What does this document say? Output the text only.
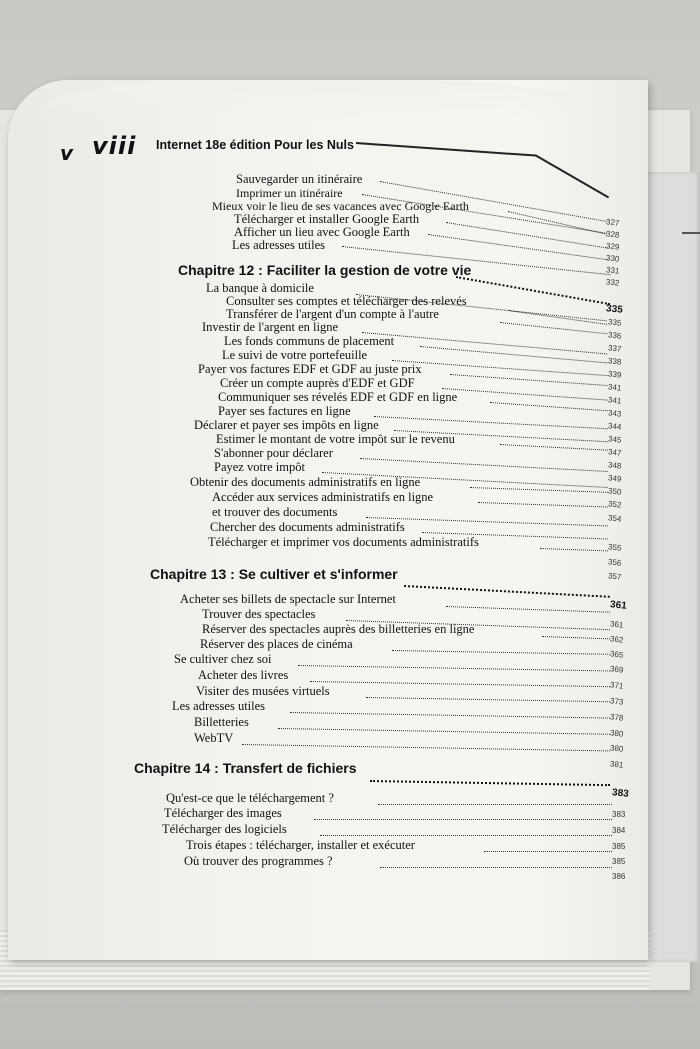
v viii Internet 18e édition Pour les Nuls
Sauvegarder un itinéraire
Imprimer un itinéraire
Mieux voir le lieu de ses vacances avec Google Earth
Télécharger et installer Google Earth
Afficher un lieu avec Google Earth
Les adresses utiles
327
328
329
330
331
332
Chapitre 12 : Faciliter la gestion de votre vie
335
La banque à domicile
Consulter ses comptes et télécharger des relevés
Transférer de l'argent d'un compte à l'autre
Investir de l'argent en ligne
Les fonds communs de placement
Le suivi de votre portefeuille
Payer vos factures EDF et GDF au juste prix
Créer un compte auprès d'EDF et GDF
Communiquer ses révelés EDF et GDF en ligne
Payer ses factures en ligne
Déclarer et payer ses impôts en ligne
Estimer le montant de votre impôt sur le revenu
S'abonner pour déclarer
Payez votre impôt
Obtenir des documents administratifs en ligne
Accéder aux services administratifs en ligne
et trouver des documents
Chercher des documents administratifs
Télécharger et imprimer vos documents administratifs
335
336
337
338
339
341
341
343
344
345
347
348
349
350
352
354
355
356
Chapitre 13 : Se cultiver et s'informer	357
Acheter ses billets de spectacle sur Internet	361
Trouver des spectacles
Réserver des spectacles auprès des billetteries en ligne
Réserver des places de cinéma
Se cultiver chez soi
Acheter des livres
Visiter des musées virtuels
Les adresses utiles
Billetteries
WebTV
361
362
365
369
371
373
378
380
380
381
Chapitre 14 : Transfert de fichiers
383
Qu'est-ce que le téléchargement ?
Télécharger des images
Télécharger des logiciels
Trois étapes : télécharger, installer et exécuter
Où trouver des programmes ?
383
384
385
385
386
